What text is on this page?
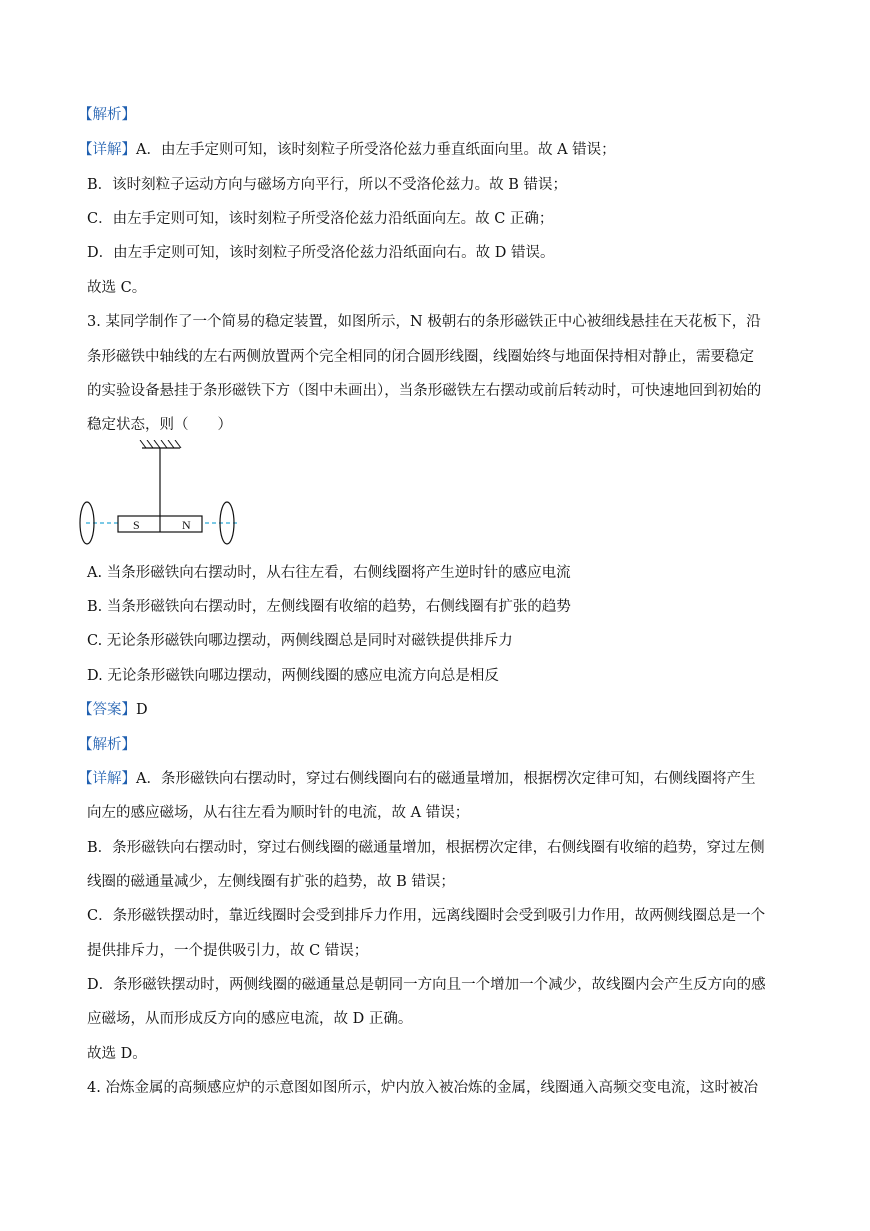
【解析】
【详解】A．由左手定则可知，该时刻粒子所受洛伦兹力垂直纸面向里。故 A 错误；
B．该时刻粒子运动方向与磁场方向平行，所以不受洛伦兹力。故 B 错误；
C．由左手定则可知，该时刻粒子所受洛伦兹力沿纸面向左。故 C 正确；
D．由左手定则可知，该时刻粒子所受洛伦兹力沿纸面向右。故 D 错误。
故选 C。
3. 某同学制作了一个简易的稳定装置，如图所示，N 极朝右的条形磁铁正中心被细线悬挂在天花板下，沿
条形磁铁中轴线的左右两侧放置两个完全相同的闭合圆形线圈，线圈始终与地面保持相对静止，需要稳定
的实验设备悬挂于条形磁铁下方（图中未画出），当条形磁铁左右摆动或前后转动时，可快速地回到初始的
稳定状态，则（　　）
S	N
A. 当条形磁铁向右摆动时，从右往左看，右侧线圈将产生逆时针的感应电流
B. 当条形磁铁向右摆动时，左侧线圈有收缩的趋势，右侧线圈有扩张的趋势
C. 无论条形磁铁向哪边摆动，两侧线圈总是同时对磁铁提供排斥力
D. 无论条形磁铁向哪边摆动，两侧线圈的感应电流方向总是相反
【答案】D
【解析】
【详解】A．条形磁铁向右摆动时，穿过右侧线圈向右的磁通量增加，根据楞次定律可知，右侧线圈将产生
向左的感应磁场，从右往左看为顺时针的电流，故 A 错误；
B．条形磁铁向右摆动时，穿过右侧线圈的磁通量增加，根据楞次定律，右侧线圈有收缩的趋势，穿过左侧
线圈的磁通量减少，左侧线圈有扩张的趋势，故 B 错误；
C．条形磁铁摆动时，靠近线圈时会受到排斥力作用，远离线圈时会受到吸引力作用，故两侧线圈总是一个
提供排斥力，一个提供吸引力，故 C 错误；
D．条形磁铁摆动时，两侧线圈的磁通量总是朝同一方向且一个增加一个减少，故线圈内会产生反方向的感
应磁场，从而形成反方向的感应电流，故 D 正确。
故选 D。
4. 冶炼金属的高频感应炉的示意图如图所示，炉内放入被冶炼的金属，线圈通入高频交变电流，这时被冶
